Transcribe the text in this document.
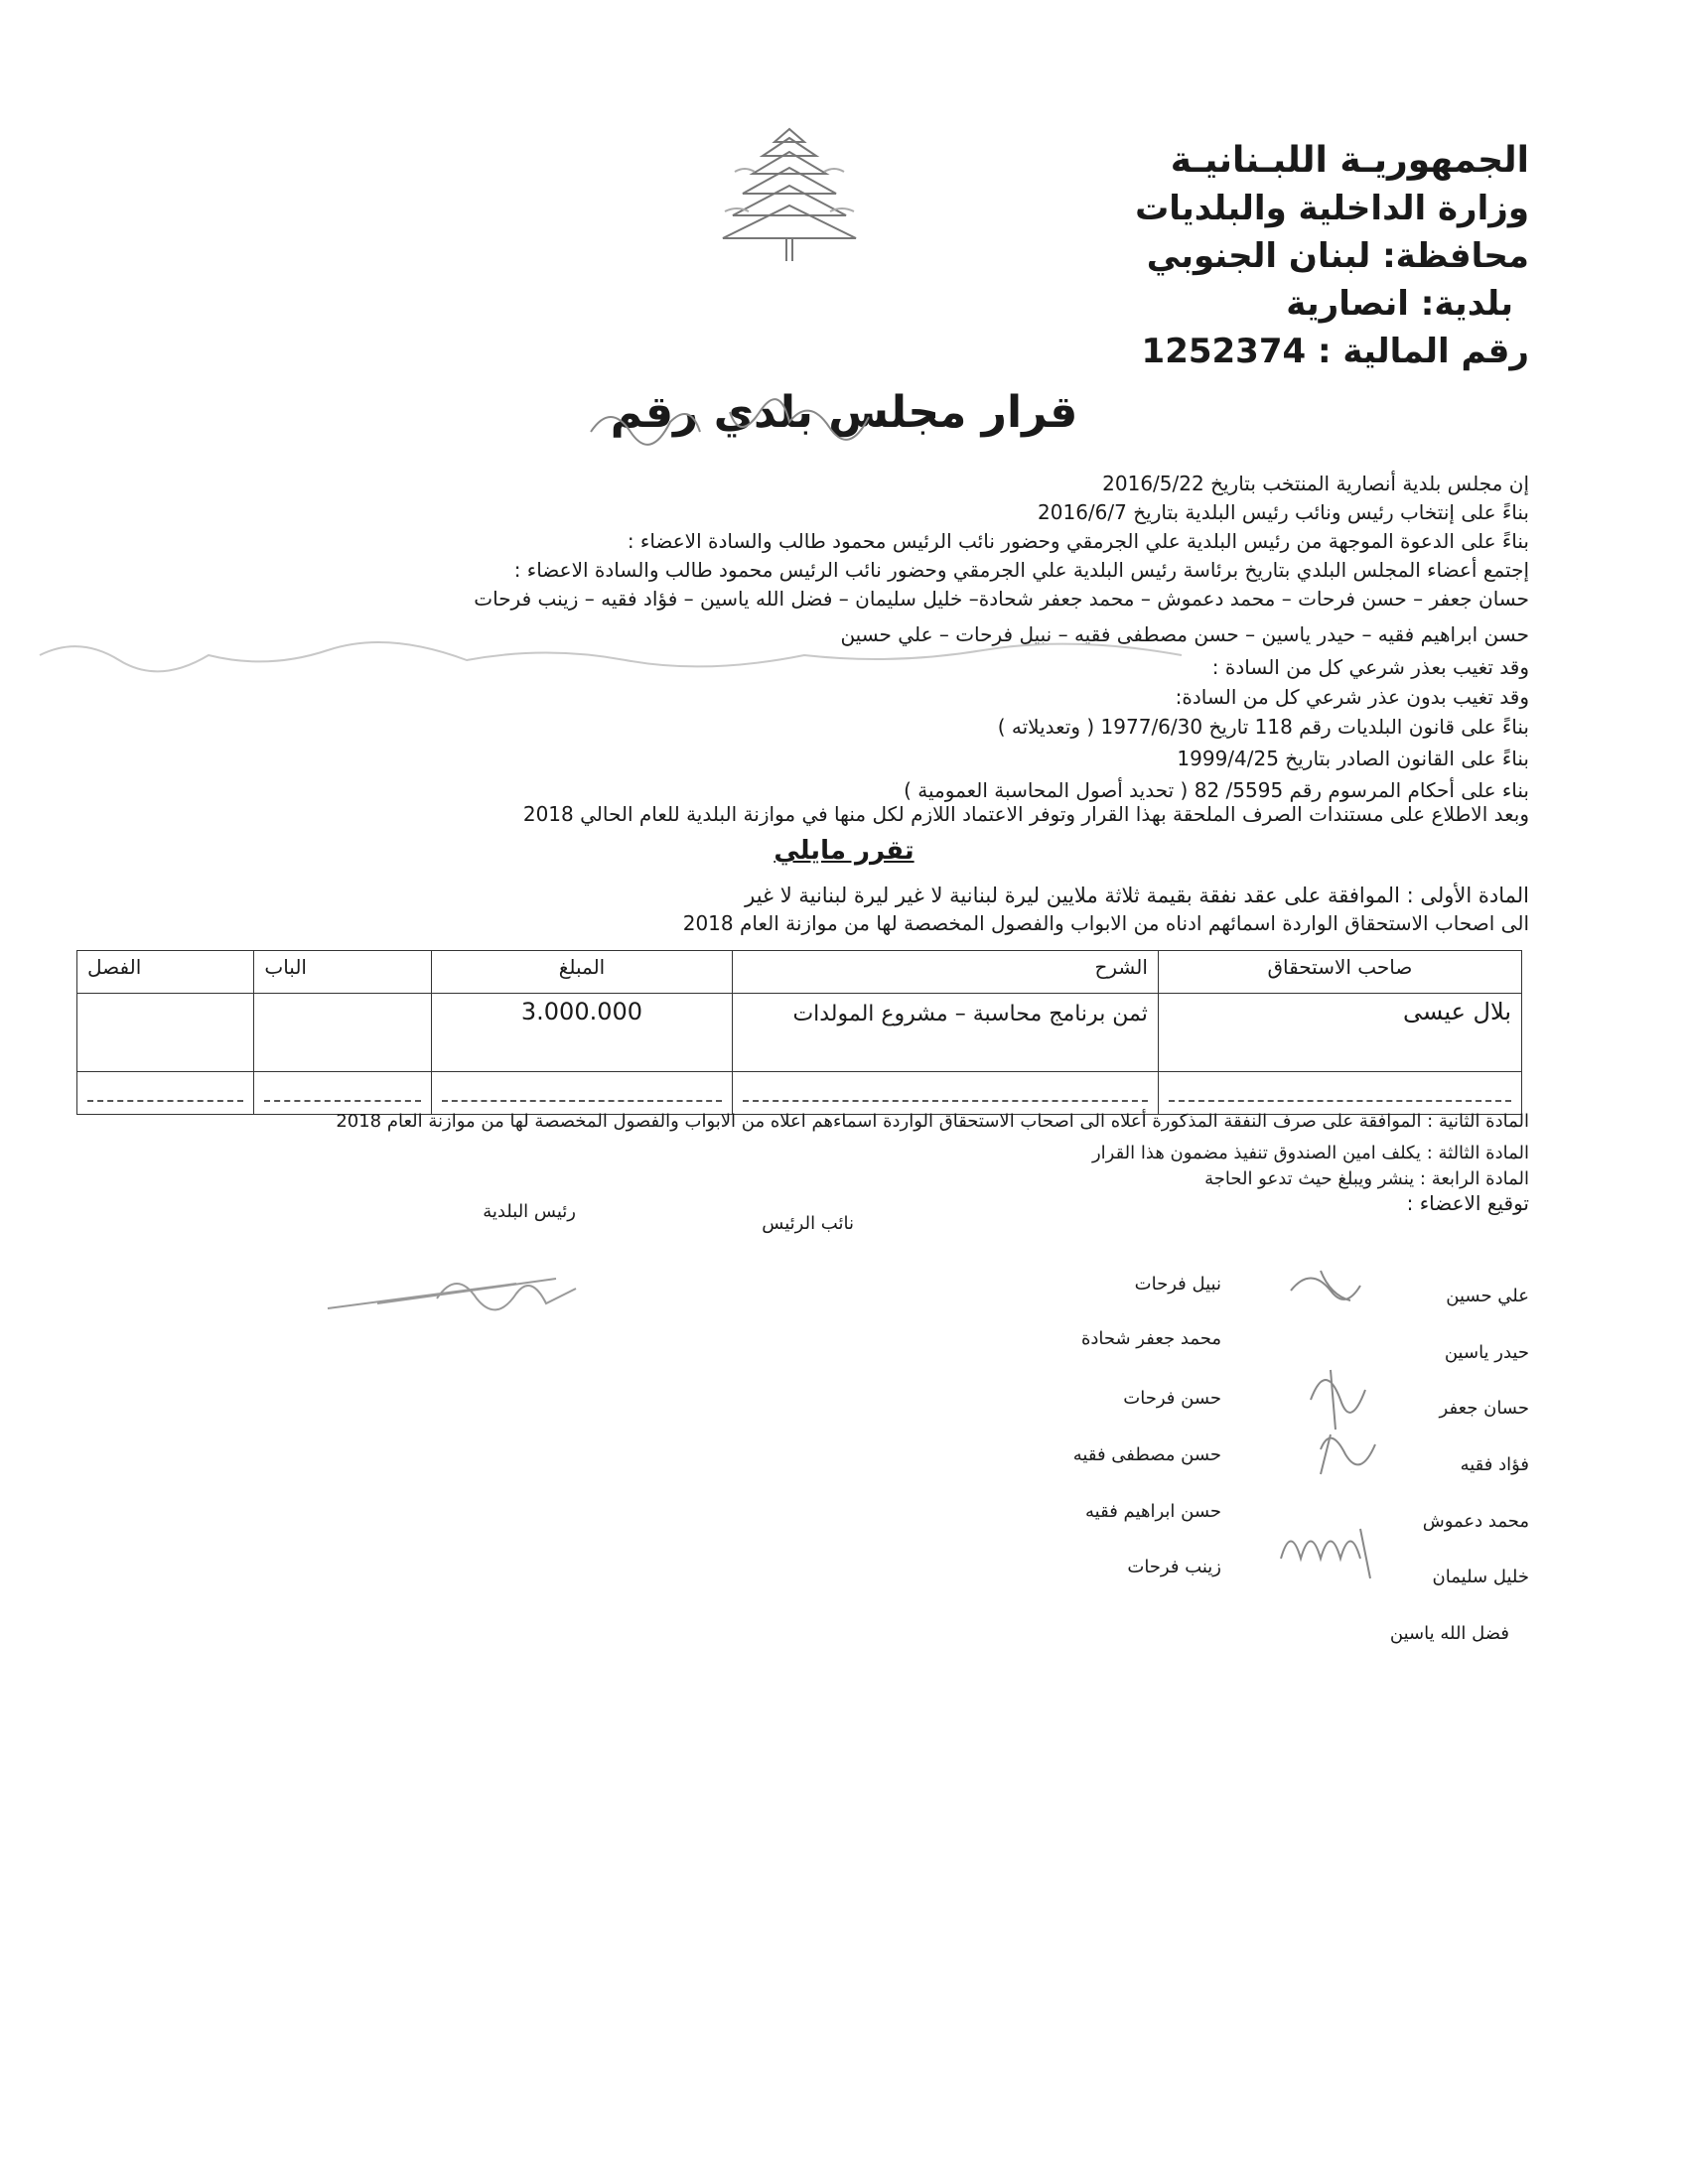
الجمهوريـة اللبـنانيـة
وزارة الداخلية والبلديات
محافظة: لبنان الجنوبي
بلدية: انصارية
رقم المالية : 1252374
قرار مجلس بلدي رقم
إن مجلس بلدية أنصارية المنتخب بتاريخ 2016/5/22
بناءً على إنتخاب رئيس ونائب رئيس البلدية بتاريخ 2016/6/7
بناءً على الدعوة الموجهة من رئيس البلدية علي الجرمقي وحضور نائب الرئيس محمود طالب والسادة الاعضاء :
إجتمع أعضاء المجلس البلدي بتاريخ برئاسة رئيس البلدية علي الجرمقي وحضور نائب الرئيس محمود طالب والسادة الاعضاء :
حسان جعفر – حسن فرحات – محمد دعموش – محمد جعفر شحادة– خليل سليمان – فضل الله ياسين – فؤاد فقيه – زينب فرحات
حسن ابراهيم فقيه – حيدر ياسين – حسن مصطفى فقيه – نبيل فرحات – علي حسين
وقد تغيب بعذر شرعي كل من السادة :
وقد تغيب بدون عذر شرعي كل من السادة:
بناءً على قانون البلديات رقم 118 تاريخ 1977/6/30 ( وتعديلاته )
بناءً على القانون الصادر بتاريخ 1999/4/25
بناء على أحكام المرسوم رقم 5595/ 82 ( تحديد أصول المحاسبة العمومية )
وبعد الاطلاع على مستندات الصرف الملحقة بهذا القرار وتوفر الاعتماد اللازم لكل منها في موازنة البلدية للعام الحالي 2018
تقرر مايلي
المادة الأولى : الموافقة على عقد نفقة بقيمة ثلاثة ملايين ليرة لبنانية لا غير ليرة لبنانية لا غير
الى اصحاب الاستحقاق الواردة اسمائهم ادناه من الابواب والفصول المخصصة لها من موازنة العام 2018
صاحب الاستحقاق	الشرح	المبلغ	الباب	الفصل
بلال عيسى	ثمن برنامج محاسبة – مشروع المولدات	3.000.000		

المادة الثانية : الموافقة على صرف النفقة المذكورة أعلاه الى اصحاب الاستحقاق الواردة اسماءهم اعلاه من الابواب والفصول المخصصة لها من موازنة العام 2018
المادة الثالثة : يكلف امين الصندوق تنفيذ مضمون هذا القرار
المادة الرابعة : ينشر ويبلغ حيث تدعو الحاجة
توقيع الاعضاء :
رئيس البلدية
نائب الرئيس
علي حسين
حيدر ياسين
حسان جعفر
فؤاد فقيه
محمد دعموش
خليل سليمان
فضل الله ياسين
نبيل فرحات
محمد جعفر شحادة
حسن فرحات
حسن مصطفى فقيه
حسن ابراهيم فقيه
زينب فرحات
